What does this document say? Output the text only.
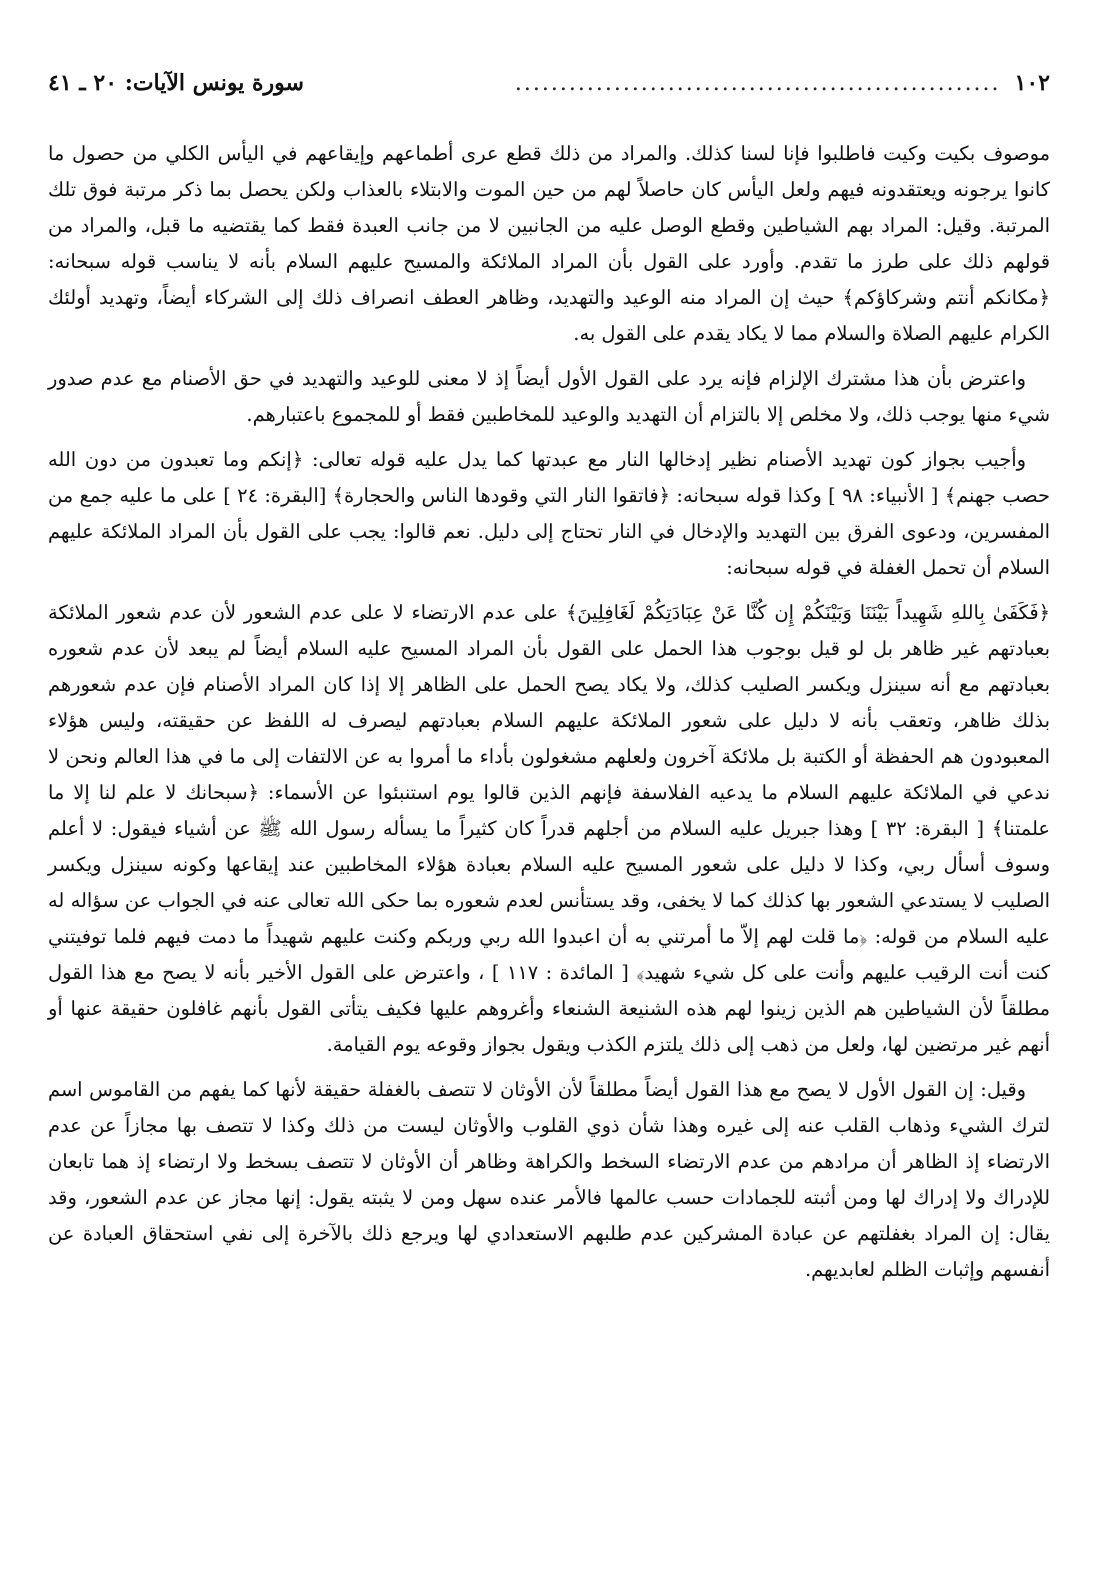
١٠٢
......................................................
سورة يونس الآيات: ٢٠ ـ ٤١

موصوف بكيت وكيت فاطلبوا فإنا لسنا كذلك. والمراد من ذلك قطع عرى أطماعهم وإيقاعهم في اليأس الكلي من حصول ما كانوا يرجونه ويعتقدونه فيهم ولعل اليأس كان حاصلاً لهم من حين الموت والابتلاء بالعذاب ولكن يحصل بما ذكر مرتبة فوق تلك المرتبة. وقيل: المراد بهم الشياطين وقطع الوصل عليه من الجانبين لا من جانب العبدة فقط كما يقتضيه ما قبل، والمراد من قولهم ذلك على طرز ما تقدم. وأورد على القول بأن المراد الملائكة والمسيح عليهم السلام بأنه لا يناسب قوله سبحانه: ﴿مكانكم أنتم وشركاؤكم﴾ حيث إن المراد منه الوعيد والتهديد، وظاهر العطف انصراف ذلك إلى الشركاء أيضاً، وتهديد أولئك الكرام عليهم الصلاة والسلام مما لا يكاد يقدم على القول به.

واعترض بأن هذا مشترك الإلزام فإنه يرد على القول الأول أيضاً إذ لا معنى للوعيد والتهديد في حق الأصنام مع عدم صدور شيء منها يوجب ذلك، ولا مخلص إلا بالتزام أن التهديد والوعيد للمخاطبين فقط أو للمجموع باعتبارهم.

وأجيب بجواز كون تهديد الأصنام نظير إدخالها النار مع عبدتها كما يدل عليه قوله تعالى: ﴿إنكم وما تعبدون من دون الله حصب جهنم﴾ [ الأنبياء: ٩٨ ] وكذا قوله سبحانه: ﴿فاتقوا النار التي وقودها الناس والحجارة﴾ [البقرة: ٢٤ ] على ما عليه جمع من المفسرين، ودعوى الفرق بين التهديد والإدخال في النار تحتاج إلى دليل. نعم قالوا: يجب على القول بأن المراد الملائكة عليهم السلام أن تحمل الغفلة في قوله سبحانه:

﴿فَكَفَىٰ بِاللهِ شَهِيداً بَيْنَنَا وَبَيْنَكُمْ إِن كُنَّا عَنْ عِبَادَتِكُمْ لَغَافِلِينَ﴾ على عدم الارتضاء لا على عدم الشعور لأن عدم شعور الملائكة بعبادتهم غير ظاهر بل لو قيل بوجوب هذا الحمل على القول بأن المراد المسيح عليه السلام أيضاً لم يبعد لأن عدم شعوره بعبادتهم مع أنه سينزل ويكسر الصليب كذلك، ولا يكاد يصح الحمل على الظاهر إلا إذا كان المراد الأصنام فإن عدم شعورهم بذلك ظاهر، وتعقب بأنه لا دليل على شعور الملائكة عليهم السلام بعبادتهم ليصرف له اللفظ عن حقيقته، وليس هؤلاء المعبودون هم الحفظة أو الكتبة بل ملائكة آخرون ولعلهم مشغولون بأداء ما أمروا به عن الالتفات إلى ما في هذا العالم ونحن لا ندعي في الملائكة عليهم السلام ما يدعيه الفلاسفة فإنهم الذين قالوا يوم استنبئوا عن الأسماء: ﴿سبحانك لا علم لنا إلا ما علمتنا﴾ [ البقرة: ٣٢ ] وهذا جبريل عليه السلام من أجلهم قدراً كان كثيراً ما يسأله رسول الله ﷺ عن أشياء فيقول: لا أعلم وسوف أسأل ربي، وكذا لا دليل على شعور المسيح عليه السلام بعبادة هؤلاء المخاطبين عند إيقاعها وكونه سينزل ويكسر الصليب لا يستدعي الشعور بها كذلك كما لا يخفى، وقد يستأنس لعدم شعوره بما حكى الله تعالى عنه في الجواب عن سؤاله له عليه السلام من قوله: ﴿ما قلت لهم إلاّ ما أمرتني به أن اعبدوا الله ربي وربكم وكنت عليهم شهيداً ما دمت فيهم فلما توفيتني كنت أنت الرقيب عليهم وأنت على كل شيء شهيد﴾ [ المائدة : ١١٧ ] ، واعترض على القول الأخير بأنه لا يصح مع هذا القول مطلقاً لأن الشياطين هم الذين زينوا لهم هذه الشنيعة الشنعاء وأغروهم عليها فكيف يتأتى القول بأنهم غافلون حقيقة عنها أو أنهم غير مرتضين لها، ولعل من ذهب إلى ذلك يلتزم الكذب ويقول بجواز وقوعه يوم القيامة.

وقيل: إن القول الأول لا يصح مع هذا القول أيضاً مطلقاً لأن الأوثان لا تتصف بالغفلة حقيقة لأنها كما يفهم من القاموس اسم لترك الشيء وذهاب القلب عنه إلى غيره وهذا شأن ذوي القلوب والأوثان ليست من ذلك وكذا لا تتصف بها مجازاً عن عدم الارتضاء إذ الظاهر أن مرادهم من عدم الارتضاء السخط والكراهة وظاهر أن الأوثان لا تتصف بسخط ولا ارتضاء إذ هما تابعان للإدراك ولا إدراك لها ومن أثبته للجمادات حسب عالمها فالأمر عنده سهل ومن لا يثبته يقول: إنها مجاز عن عدم الشعور، وقد يقال: إن المراد بغفلتهم عن عبادة المشركين عدم طلبهم الاستعدادي لها ويرجع ذلك بالآخرة إلى نفي استحقاق العبادة عن أنفسهم وإثبات الظلم لعابديهم.
